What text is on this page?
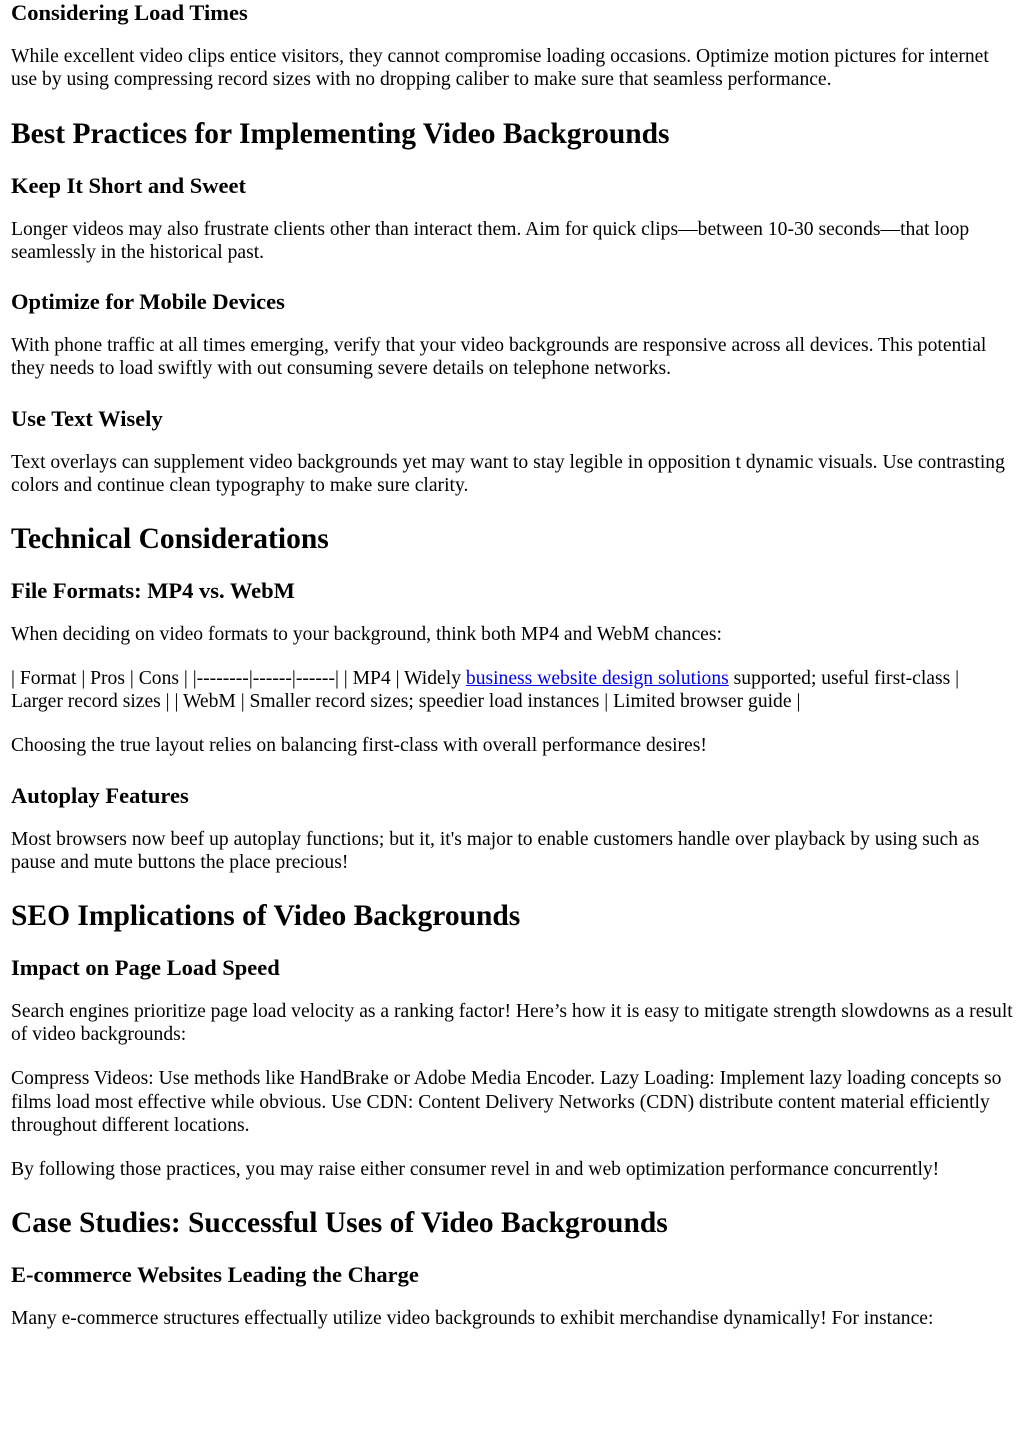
Considering Load Times

While excellent video clips entice visitors, they cannot compromise loading occasions. Optimize motion pictures for internet use by using compressing record sizes with no dropping caliber to make sure that seamless performance.

Best Practices for Implementing Video Backgrounds
Keep It Short and Sweet

Longer videos may also frustrate clients other than interact them. Aim for quick clips—between 10-30 seconds—that loop seamlessly in the historical past.

Optimize for Mobile Devices

With phone traffic at all times emerging, verify that your video backgrounds are responsive across all devices. This potential they needs to load swiftly with out consuming severe details on telephone networks.

Use Text Wisely

Text overlays can supplement video backgrounds yet may want to stay legible in opposition t dynamic visuals. Use contrasting colors and continue clean typography to make sure clarity.

Technical Considerations
File Formats: MP4 vs. WebM

When deciding on video formats to your background, think both MP4 and WebM chances:

| Format | Pros | Cons | |--------|------|------| | MP4 | Widely business website design solutions supported; useful first-class | Larger record sizes | | WebM | Smaller record sizes; speedier load instances | Limited browser guide |

Choosing the true layout relies on balancing first-class with overall performance desires!

Autoplay Features

Most browsers now beef up autoplay functions; but it, it's major to enable customers handle over playback by using such as pause and mute buttons the place precious!

SEO Implications of Video Backgrounds
Impact on Page Load Speed

Search engines prioritize page load velocity as a ranking factor! Here’s how it is easy to mitigate strength slowdowns as a result of video backgrounds:

Compress Videos: Use methods like HandBrake or Adobe Media Encoder. Lazy Loading: Implement lazy loading concepts so films load most effective while obvious. Use CDN: Content Delivery Networks (CDN) distribute content material efficiently throughout different locations.

By following those practices, you may raise either consumer revel in and web optimization performance concurrently!

Case Studies: Successful Uses of Video Backgrounds
E-commerce Websites Leading the Charge

Many e-commerce structures effectually utilize video backgrounds to exhibit merchandise dynamically! For instance:
